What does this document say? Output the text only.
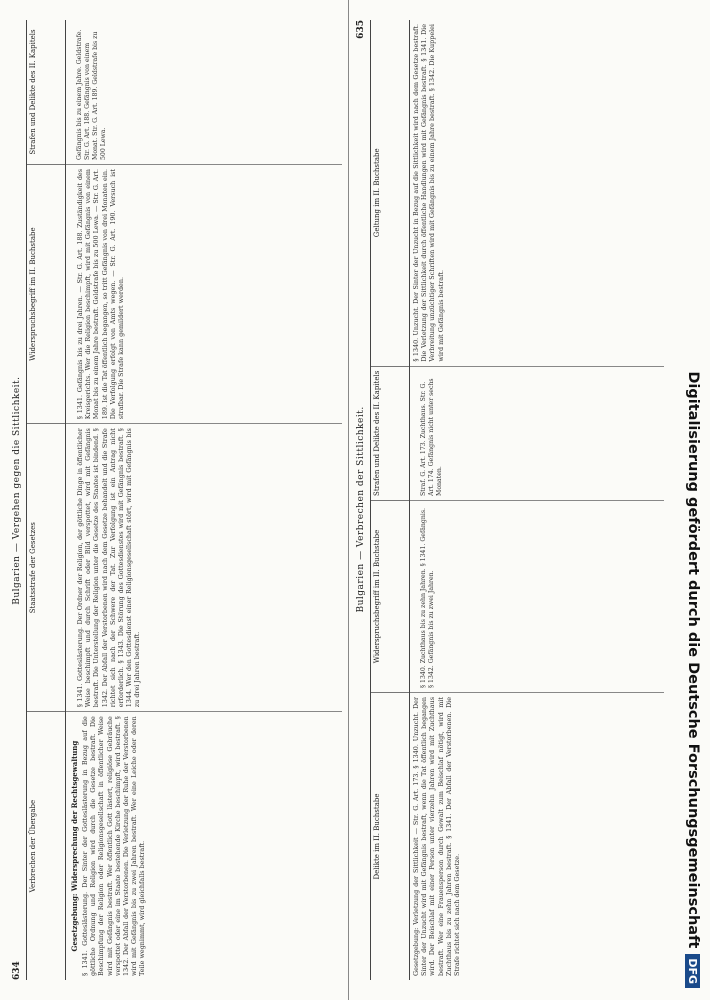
634
Bulgarien — Vergehen gegen die Sittlichkeit.
Verbrechen der Übergabe
Staatsstrafe der Gesetzes
Widerspruchsbegriff im II. Buchstabe
Strafen und Delikte des II. Kapitels
Gesetzgebung: Widersprechung der Rechtsgewaltung § 1341. Gotteslästerung. Der Sinter der Gotteslästerung in Bezug auf die göttliche Ordnung und Religion wird durch die Gesetze bestraft. Die Beschimpfung der Religion oder Religionsgesellschaft in öffentlicher Weise wird mit Gefängnis bestraft. Wer öffentlich Gott lästert, religiöse Gebräuche verspottet oder eine im Staate bestehende Kirche beschimpft, wird bestraft. § 1342. Der Abfall der Verstorbenen. Die Verletzung der Ruhe der Verstorbenen wird mit Gefängnis bis zu zwei Jahren bestraft. Wer eine Leiche oder deren Teile wegnimmt, wird gleichfalls bestraft.
§ 1341. Gotteslästerung. Der Ordner der Religion, der göttliche Dinge in öffentlicher Weise beschimpft und durch Schrift oder Bild verspottet, wird mit Gefängnis bestraft. Die Unterstellung der Religion unter die Gesetze des Staates ist bindend. § 1342. Der Abfall der Verstorbenen wird nach dem Gesetze behandelt und die Strafe richtet sich nach der Schwere der Tat. Zur Verfolgung ist ein Antrag nicht erforderlich. § 1343. Die Störung des Gottesdienstes wird mit Gefängnis bestraft. § 1344. Wer den Gottesdienst einer Religionsgesellschaft stört, wird mit Gefängnis bis zu drei Jahren bestraft.
§ 1341. Gefängnis bis zu drei Jahren. — Str. G. Art. 188. Zuständigkeit des Kreisgerichts. Wer die Religion beschimpft, wird mit Gefängnis von einem Monat bis zu einem Jahre bestraft. Geldstrafe bis zu 500 Lewa. — Str. G. Art. 189. Ist die Tat öffentlich begangen, so tritt Gefängnis von drei Monaten ein. Die Verfolgung erfolgt von Amts wegen. — Str. G. Art. 190. Versuch ist strafbar. Die Strafe kann gemildert werden.
Gefängnis bis zu einem Jahre. Geldstrafe. Str. G. Art. 188. Gefängnis von einem Monat. Str. G. Art. 189. Geldstrafe bis zu 500 Lewa.
Bulgarien — Verbrechen der Sittlichkeit.
635
Delikte im II. Buchstabe
Widerspruchsbegriff im II. Buchstabe
Strafen und Delikte des II. Kapitels
Geltung im II. Buchstabe
Gesetzgebung: Verletzung der Sittlichkeit — Str. G. Art. 173. § 1340. Unzucht. Der Sinter der Unzucht wird mit Gefängnis bestraft, wenn die Tat öffentlich begangen wird. Der Beischlaf mit einer Person unter vierzehn Jahren wird mit Zuchthaus bestraft. Wer eine Frauensperson durch Gewalt zum Beischlaf nötigt, wird mit Zuchthaus bis zu zehn Jahren bestraft. § 1341. Der Abfall der Verstorbenen. Die Strafe richtet sich nach dem Gesetze.
§ 1340. Zuchthaus bis zu zehn Jahren. § 1341. Gefängnis. § 1342. Gefängnis bis zu zwei Jahren.
Straf. G. Art. 173. Zuchthaus. Str. G. Art. 174. Gefängnis nicht unter sechs Monaten.
§ 1340. Unzucht. Der Sinter der Unzucht in Bezug auf die Sittlichkeit wird nach dem Gesetze bestraft. Die Verletzung der Sittlichkeit durch öffentliche Handlungen wird mit Gefängnis bestraft. § 1341. Die Verbreitung unzüchtiger Schriften wird mit Gefängnis bis zu einem Jahre bestraft. § 1342. Die Kuppelei wird mit Gefängnis bestraft.
Digitalisierung gefördert durch die Deutsche Forschungsgemeinschaft
DFG
